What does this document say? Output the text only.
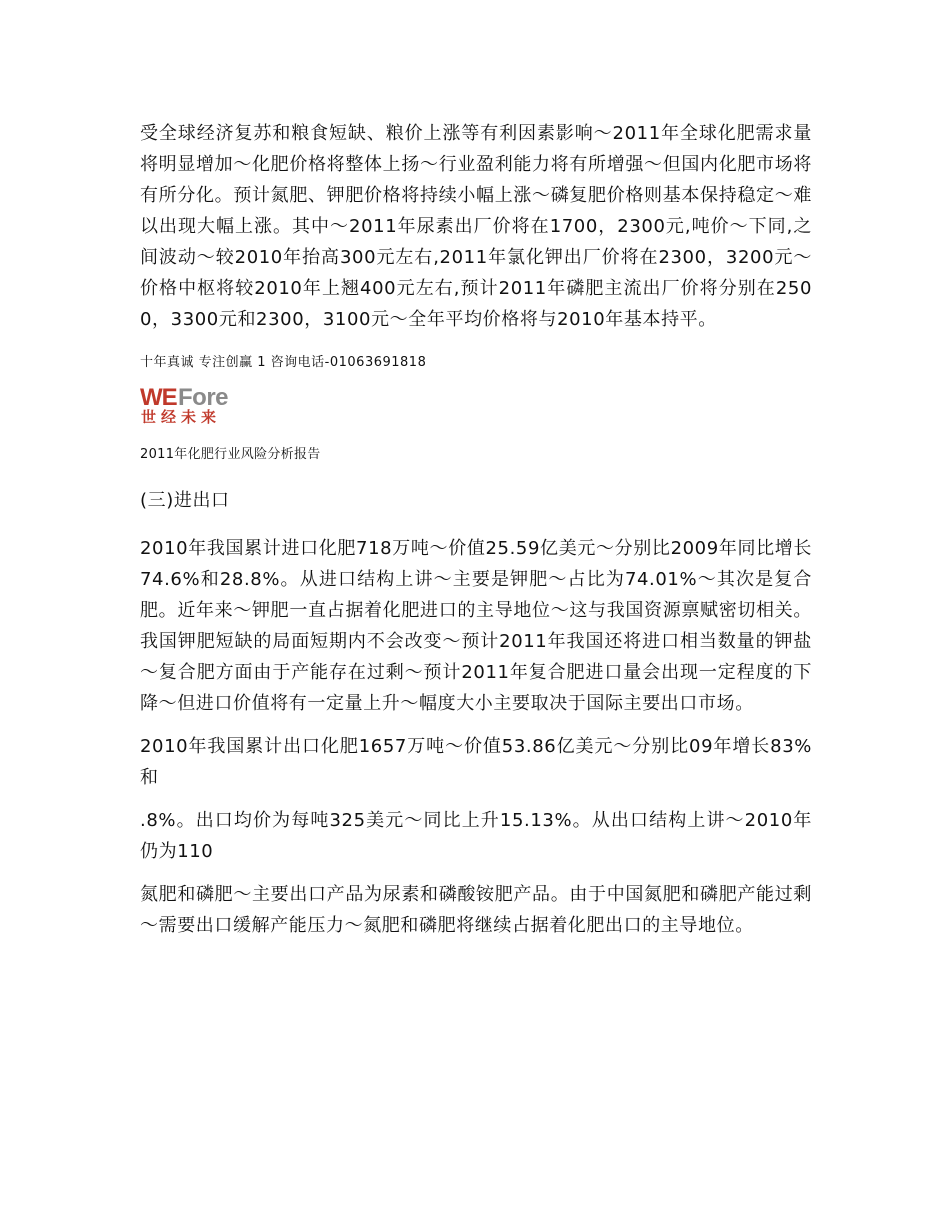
受全球经济复苏和粮食短缺、粮价上涨等有利因素影响～2011年全球化肥需求量将明显增加～化肥价格将整体上扬～行业盈利能力将有所增强～但国内化肥市场将有所分化。预计氮肥、钾肥价格将持续小幅上涨～磷复肥价格则基本保持稳定～难以出现大幅上涨。其中～2011年尿素出厂价将在1700，2300元,吨价～下同,之间波动～较2010年抬高300元左右,2011年氯化钾出厂价将在2300，3200元～价格中枢将较2010年上翘400元左右,预计2011年磷肥主流出厂价将分别在2500，3300元和2300，3100元～全年平均价格将与2010年基本持平。

十年真诚 专注创赢 1 咨询电话-01063691818
WE Fore
世经未来
2011年化肥行业风险分析报告
(三)进出口

2010年我国累计进口化肥718万吨～价值25.59亿美元～分别比2009年同比增长74.6%和28.8%。从进口结构上讲～主要是钾肥～占比为74.01%～其次是复合肥。近年来～钾肥一直占据着化肥进口的主导地位～这与我国资源禀赋密切相关。我国钾肥短缺的局面短期内不会改变～预计2011年我国还将进口相当数量的钾盐～复合肥方面由于产能存在过剩～预计2011年复合肥进口量会出现一定程度的下降～但进口价值将有一定量上升～幅度大小主要取决于国际主要出口市场。

2010年我国累计出口化肥1657万吨～价值53.86亿美元～分别比09年增长83%和

.8%。出口均价为每吨325美元～同比上升15.13%。从出口结构上讲～2010年仍为110

氮肥和磷肥～主要出口产品为尿素和磷酸铵肥产品。由于中国氮肥和磷肥产能过剩～需要出口缓解产能压力～氮肥和磷肥将继续占据着化肥出口的主导地位。
